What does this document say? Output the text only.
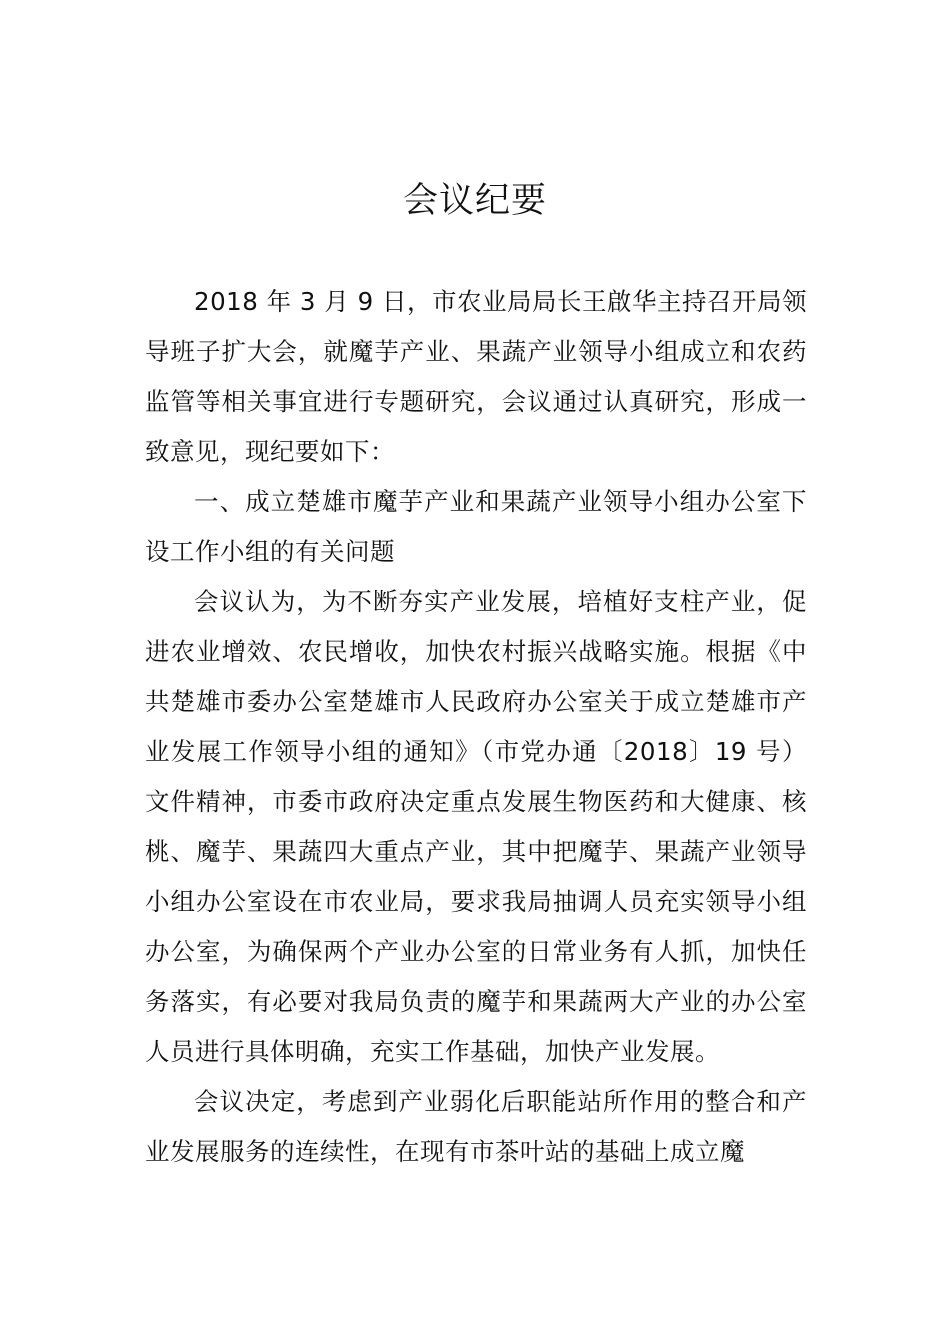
会议纪要

2018 年 3 月 9 日，市农业局局长王啟华主持召开局领导班子扩大会，就魔芋产业、果蔬产业领导小组成立和农药监管等相关事宜进行专题研究，会议通过认真研究，形成一致意见，现纪要如下：

一、成立楚雄市魔芋产业和果蔬产业领导小组办公室下设工作小组的有关问题

会议认为，为不断夯实产业发展，培植好支柱产业，促进农业增效、农民增收，加快农村振兴战略实施。根据《中共楚雄市委办公室楚雄市人民政府办公室关于成立楚雄市产业发展工作领导小组的通知》（市党办通〔2018〕19 号）文件精神，市委市政府决定重点发展生物医药和大健康、核桃、魔芋、果蔬四大重点产业，其中把魔芋、果蔬产业领导小组办公室设在市农业局，要求我局抽调人员充实领导小组办公室，为确保两个产业办公室的日常业务有人抓，加快任务落实，有必要对我局负责的魔芋和果蔬两大产业的办公室人员进行具体明确，充实工作基础，加快产业发展。

会议决定，考虑到产业弱化后职能站所作用的整合和产业发展服务的连续性，在现有市茶叶站的基础上成立魔
